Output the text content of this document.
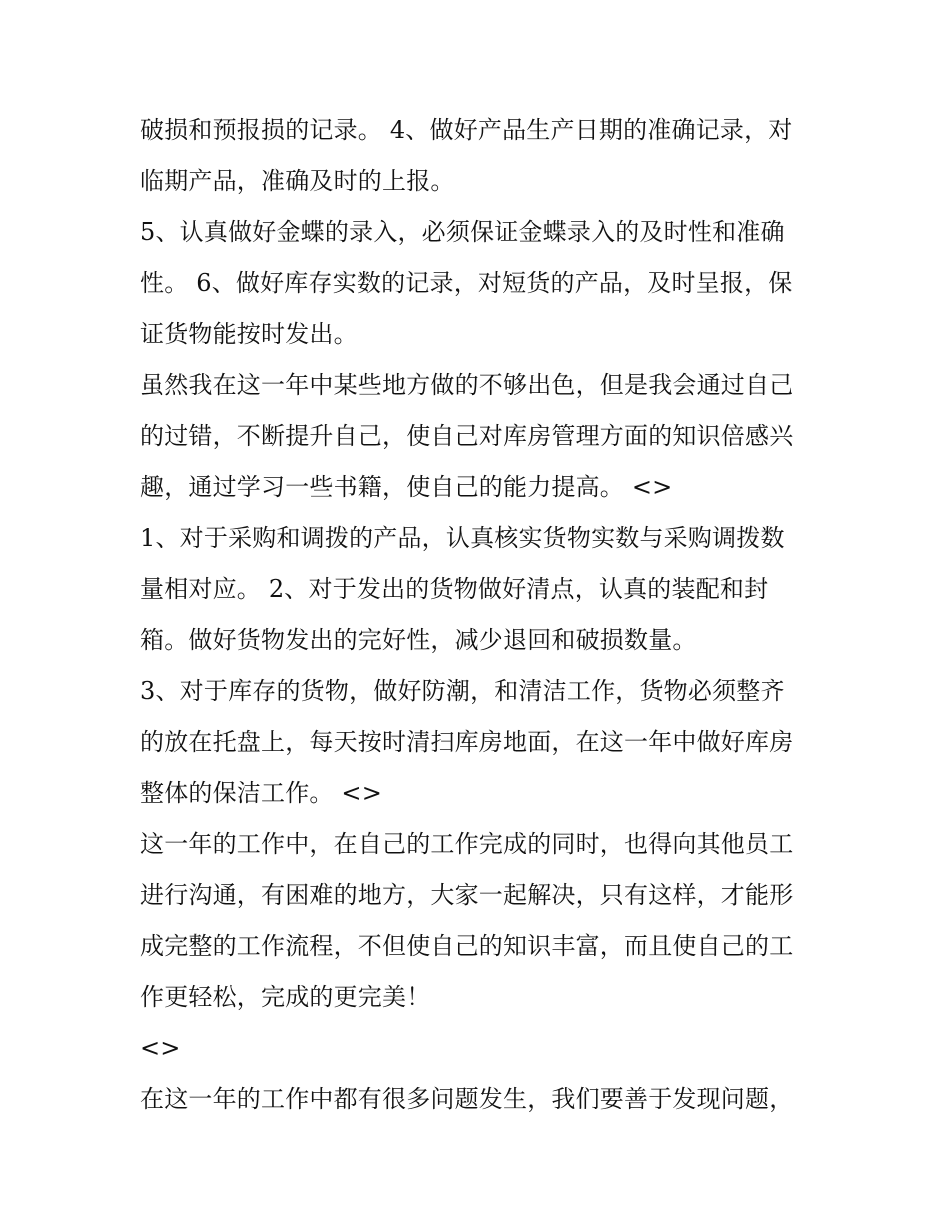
破损和预报损的记录。 4、做好产品生产日期的准确记录，对
临期产品，准确及时的上报。
5、认真做好金蝶的录入，必须保证金蝶录入的及时性和准确
性。 6、做好库存实数的记录，对短货的产品，及时呈报，保
证货物能按时发出。
虽然我在这一年中某些地方做的不够出色，但是我会通过自己
的过错，不断提升自己，使自己对库房管理方面的知识倍感兴
趣，通过学习一些书籍，使自己的能力提高。 <>
1、对于采购和调拨的产品，认真核实货物实数与采购调拨数
量相对应。 2、对于发出的货物做好清点，认真的装配和封
箱。做好货物发出的完好性，减少退回和破损数量。
3、对于库存的货物，做好防潮，和清洁工作，货物必须整齐
的放在托盘上，每天按时清扫库房地面，在这一年中做好库房
整体的保洁工作。 <>
这一年的工作中，在自己的工作完成的同时，也得向其他员工
进行沟通，有困难的地方，大家一起解决，只有这样，才能形
成完整的工作流程，不但使自己的知识丰富，而且使自己的工
作更轻松，完成的更完美！
<>
在这一年的工作中都有很多问题发生，我们要善于发现问题，
